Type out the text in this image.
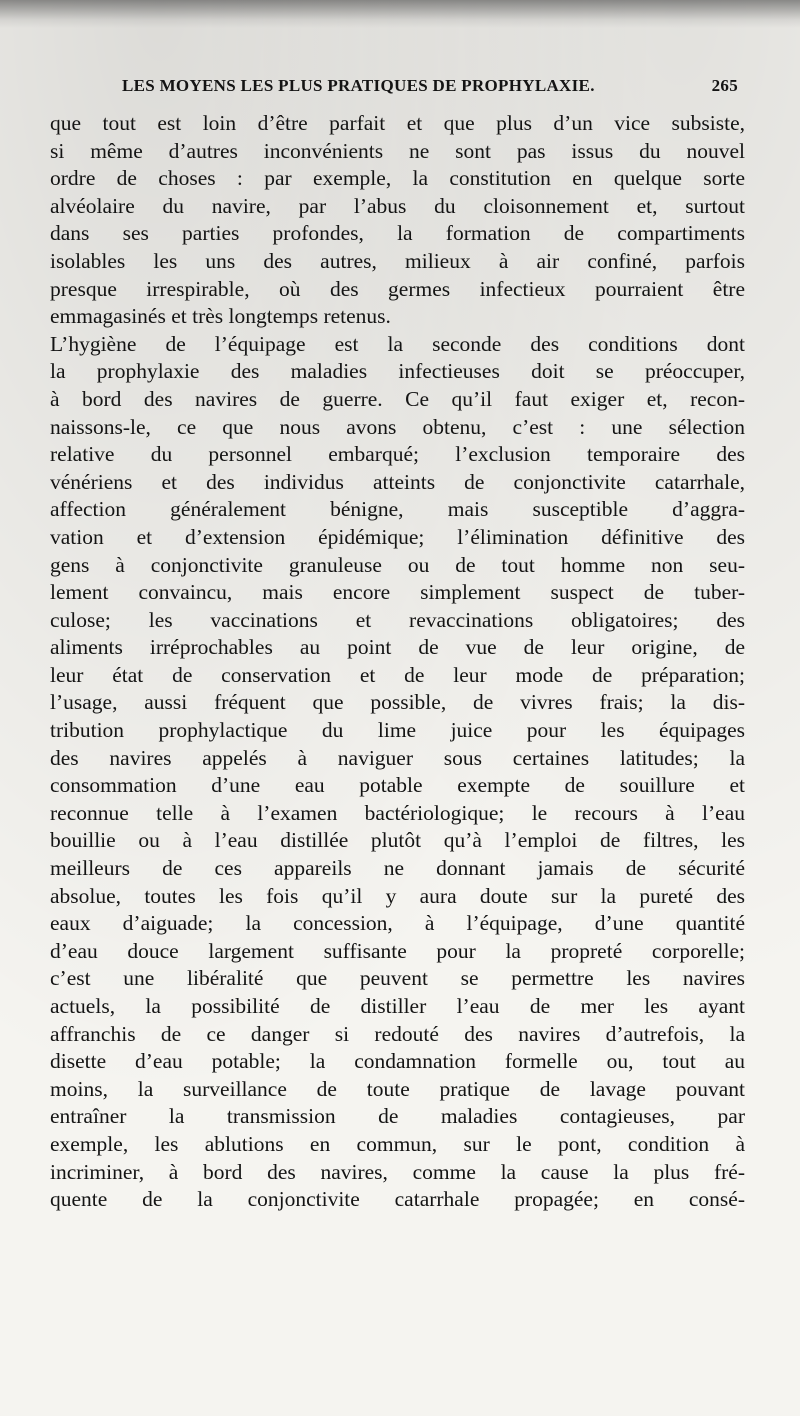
LES MOYENS LES PLUS PRATIQUES DE PROPHYLAXIE.	265
que tout est loin d’être parfait et que plus d’un vice subsiste,
si même d’autres inconvénients ne sont pas issus du nouvel
ordre de choses : par exemple, la constitution en quelque sorte
alvéolaire du navire, par l’abus du cloisonnement et, surtout
dans ses parties profondes, la formation de compartiments
isolables les uns des autres, milieux à air confiné, parfois
presque irrespirable, où des germes infectieux pourraient être
emmagasinés et très longtemps retenus.
L’hygiène de l’équipage est la seconde des conditions dont
la prophylaxie des maladies infectieuses doit se préoccuper,
à bord des navires de guerre. Ce qu’il faut exiger et, recon-
naissons-le, ce que nous avons obtenu, c’est : une sélection
relative du personnel embarqué; l’exclusion temporaire des
vénériens et des individus atteints de conjonctivite catarrhale,
affection généralement bénigne, mais susceptible d’aggra-
vation et d’extension épidémique; l’élimination définitive des
gens à conjonctivite granuleuse ou de tout homme non seu-
lement convaincu, mais encore simplement suspect de tuber-
culose; les vaccinations et revaccinations obligatoires; des
aliments irréprochables au point de vue de leur origine, de
leur état de conservation et de leur mode de préparation;
l’usage, aussi fréquent que possible, de vivres frais; la dis-
tribution prophylactique du lime juice pour les équipages
des navires appelés à naviguer sous certaines latitudes; la
consommation d’une eau potable exempte de souillure et
reconnue telle à l’examen bactériologique; le recours à l’eau
bouillie ou à l’eau distillée plutôt qu’à l’emploi de filtres, les
meilleurs de ces appareils ne donnant jamais de sécurité
absolue, toutes les fois qu’il y aura doute sur la pureté des
eaux d’aiguade; la concession, à l’équipage, d’une quantité
d’eau douce largement suffisante pour la propreté corporelle;
c’est une libéralité que peuvent se permettre les navires
actuels, la possibilité de distiller l’eau de mer les ayant
affranchis de ce danger si redouté des navires d’autrefois, la
disette d’eau potable; la condamnation formelle ou, tout au
moins, la surveillance de toute pratique de lavage pouvant
entraîner la transmission de maladies contagieuses, par
exemple, les ablutions en commun, sur le pont, condition à
incriminer, à bord des navires, comme la cause la plus fré-
quente de la conjonctivite catarrhale propagée; en consé-
